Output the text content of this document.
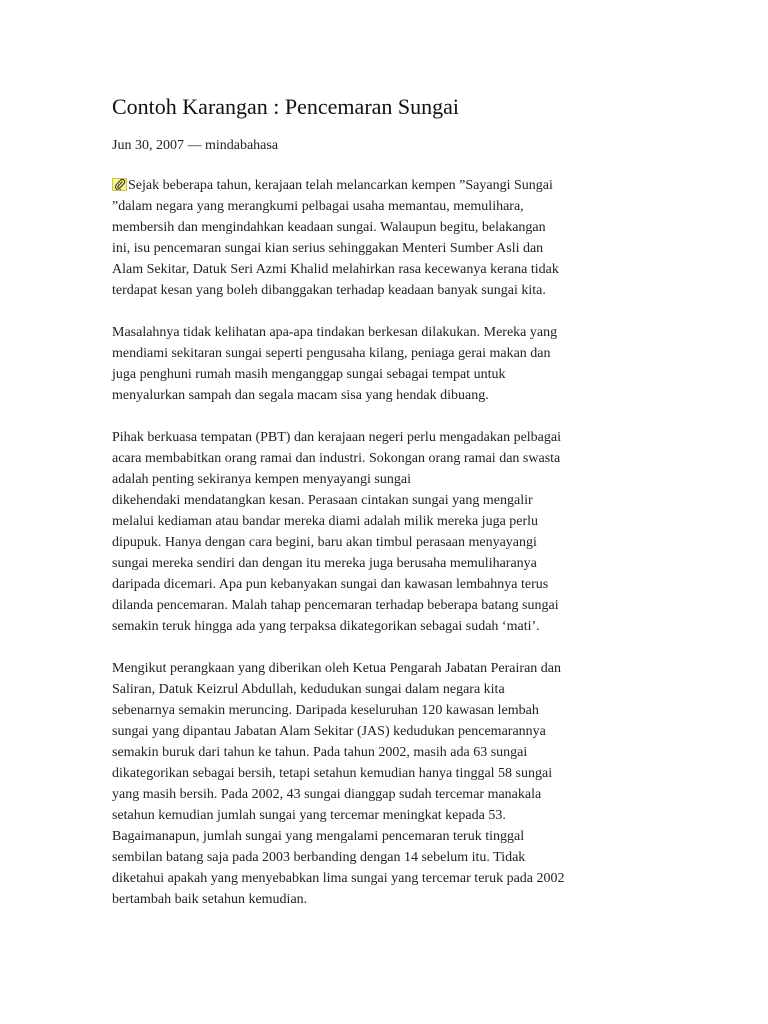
Contoh Karangan : Pencemaran Sungai
Jun 30, 2007 — mindabahasa
Sejak beberapa tahun, kerajaan telah melancarkan kempen ”Sayangi Sungai
”dalam negara yang merangkumi pelbagai usaha memantau, memulihara,
membersih dan mengindahkan keadaan sungai. Walaupun begitu, belakangan
ini, isu pencemaran sungai kian serius sehinggakan Menteri Sumber Asli dan
Alam Sekitar, Datuk Seri Azmi Khalid melahirkan rasa kecewanya kerana tidak
terdapat kesan yang boleh dibanggakan terhadap keadaan banyak sungai kita.
Masalahnya tidak kelihatan apa-apa tindakan berkesan dilakukan. Mereka yang
mendiami sekitaran sungai seperti pengusaha kilang, peniaga gerai makan dan
juga penghuni rumah masih menganggap sungai sebagai tempat untuk
menyalurkan sampah dan segala macam sisa yang hendak dibuang.
Pihak berkuasa tempatan (PBT) dan kerajaan negeri perlu mengadakan pelbagai
acara membabitkan orang ramai dan industri. Sokongan orang ramai dan swasta
adalah penting sekiranya kempen menyayangi sungai
dikehendaki mendatangkan kesan. Perasaan cintakan sungai yang mengalir
melalui kediaman atau bandar mereka diami adalah milik mereka juga perlu
dipupuk. Hanya dengan cara begini, baru akan timbul perasaan menyayangi
sungai mereka sendiri dan dengan itu mereka juga berusaha memuliharanya
daripada dicemari. Apa pun kebanyakan sungai dan kawasan lembahnya terus
dilanda pencemaran. Malah tahap pencemaran terhadap beberapa batang sungai
semakin teruk hingga ada yang terpaksa dikategorikan sebagai sudah ‘mati’.
Mengikut perangkaan yang diberikan oleh Ketua Pengarah Jabatan Perairan dan
Saliran, Datuk Keizrul Abdullah, kedudukan sungai dalam negara kita
sebenarnya semakin meruncing. Daripada keseluruhan 120 kawasan lembah
sungai yang dipantau Jabatan Alam Sekitar (JAS) kedudukan pencemarannya
semakin buruk dari tahun ke tahun. Pada tahun 2002, masih ada 63 sungai
dikategorikan sebagai bersih, tetapi setahun kemudian hanya tinggal 58 sungai
yang masih bersih. Pada 2002, 43 sungai dianggap sudah tercemar manakala
setahun kemudian jumlah sungai yang tercemar meningkat kepada 53.
Bagaimanapun, jumlah sungai yang mengalami pencemaran teruk tinggal
sembilan batang saja pada 2003 berbanding dengan 14 sebelum itu. Tidak
diketahui apakah yang menyebabkan lima sungai yang tercemar teruk pada 2002
bertambah baik setahun kemudian.
